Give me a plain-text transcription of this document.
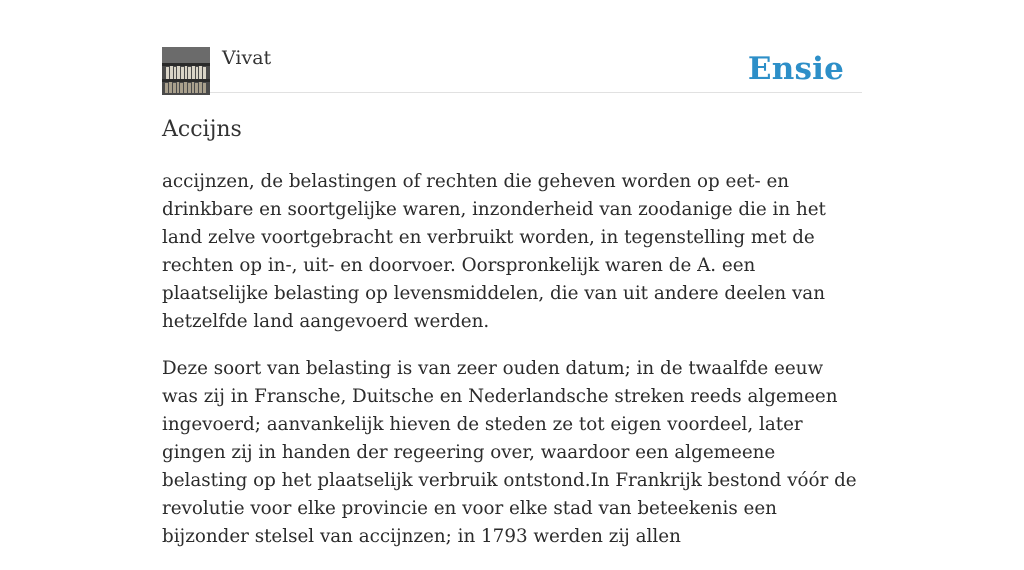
Vivat	Ensie
Accijns

accijnzen, de belastingen of rechten die geheven worden op eet- en drinkbare en soortgelijke waren, inzonderheid van zoodanige die in het land zelve voortgebracht en verbruikt worden, in tegenstelling met de rechten op in-, uit- en doorvoer. Oorspronkelijk waren de A. een plaatselijke belasting op levensmiddelen, die van uit andere deelen van hetzelfde land aangevoerd werden.

Deze soort van belasting is van zeer ouden datum; in de twaalfde eeuw was zij in Fransche, Duitsche en Nederlandsche streken reeds algemeen ingevoerd; aanvankelijk hieven de steden ze tot eigen voordeel, later gingen zij in handen der regeering over, waardoor een algemeene belasting op het plaatselijk verbruik ontstond.In Frankrijk bestond vóór de revolutie voor elke provincie en voor elke stad van beteekenis een bijzonder stelsel van accijnzen; in 1793 werden zij allen
